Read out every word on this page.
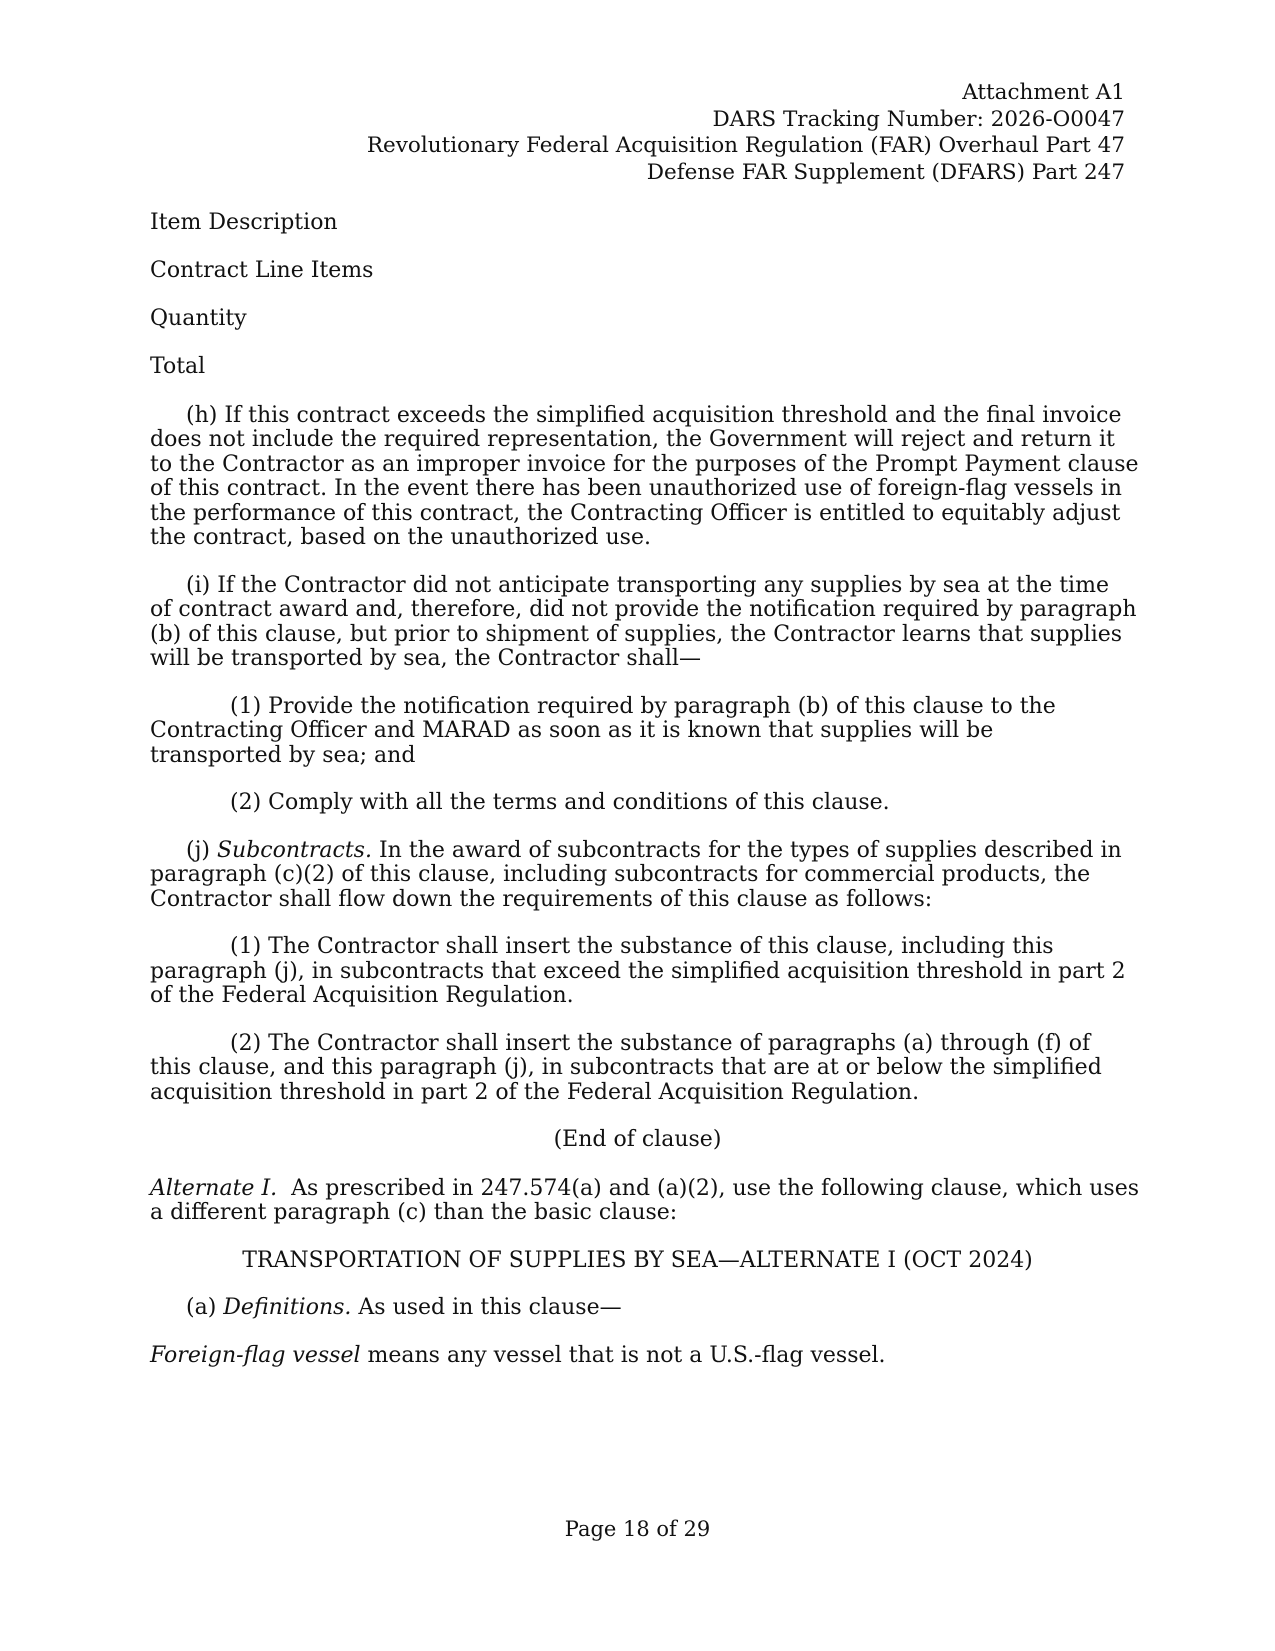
Attachment A1
DARS Tracking Number: 2026-O0047
Revolutionary Federal Acquisition Regulation (FAR) Overhaul Part 47
Defense FAR Supplement (DFARS) Part 247
Item Description
Contract Line Items
Quantity
Total
(h) If this contract exceeds the simplified acquisition threshold and the final invoice
does not include the required representation, the Government will reject and return it
to the Contractor as an improper invoice for the purposes of the Prompt Payment clause
of this contract. In the event there has been unauthorized use of foreign-flag vessels in
the performance of this contract, the Contracting Officer is entitled to equitably adjust
the contract, based on the unauthorized use.
(i) If the Contractor did not anticipate transporting any supplies by sea at the time
of contract award and, therefore, did not provide the notification required by paragraph
(b) of this clause, but prior to shipment of supplies, the Contractor learns that supplies
will be transported by sea, the Contractor shall—
(1) Provide the notification required by paragraph (b) of this clause to the
Contracting Officer and MARAD as soon as it is known that supplies will be
transported by sea; and
(2) Comply with all the terms and conditions of this clause.
(j) Subcontracts. In the award of subcontracts for the types of supplies described in
paragraph (c)(2) of this clause, including subcontracts for commercial products, the
Contractor shall flow down the requirements of this clause as follows:
(1) The Contractor shall insert the substance of this clause, including this
paragraph (j), in subcontracts that exceed the simplified acquisition threshold in part 2
of the Federal Acquisition Regulation.
(2) The Contractor shall insert the substance of paragraphs (a) through (f) of
this clause, and this paragraph (j), in subcontracts that are at or below the simplified
acquisition threshold in part 2 of the Federal Acquisition Regulation.
(End of clause)
Alternate I.  As prescribed in 247.574(a) and (a)(2), use the following clause, which uses
a different paragraph (c) than the basic clause:
TRANSPORTATION OF SUPPLIES BY SEA—ALTERNATE I (OCT 2024)
(a) Definitions. As used in this clause—
Foreign-flag vessel means any vessel that is not a U.S.-flag vessel.
Page 18 of 29
